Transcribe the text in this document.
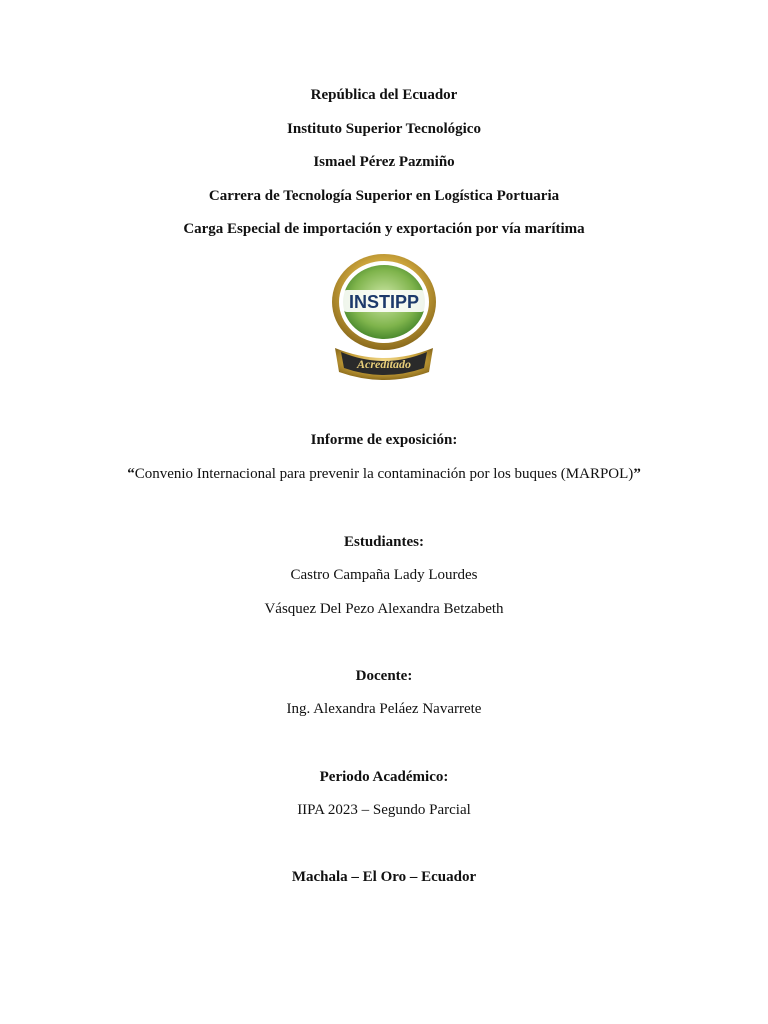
República del Ecuador
Instituto Superior Tecnológico
Ismael Pérez Pazmiño
Carrera de Tecnología Superior en Logística Portuaria
Carga Especial de importación y exportación por vía marítima
INSTIPP
Acreditado
Informe de exposición:
“Convenio Internacional para prevenir la contaminación por los buques (MARPOL)”
Estudiantes:
Castro Campaña Lady Lourdes
Vásquez Del Pezo Alexandra Betzabeth
Docente:
Ing. Alexandra Peláez Navarrete
Periodo Académico:
IIPA 2023 – Segundo Parcial
Machala – El Oro – Ecuador
